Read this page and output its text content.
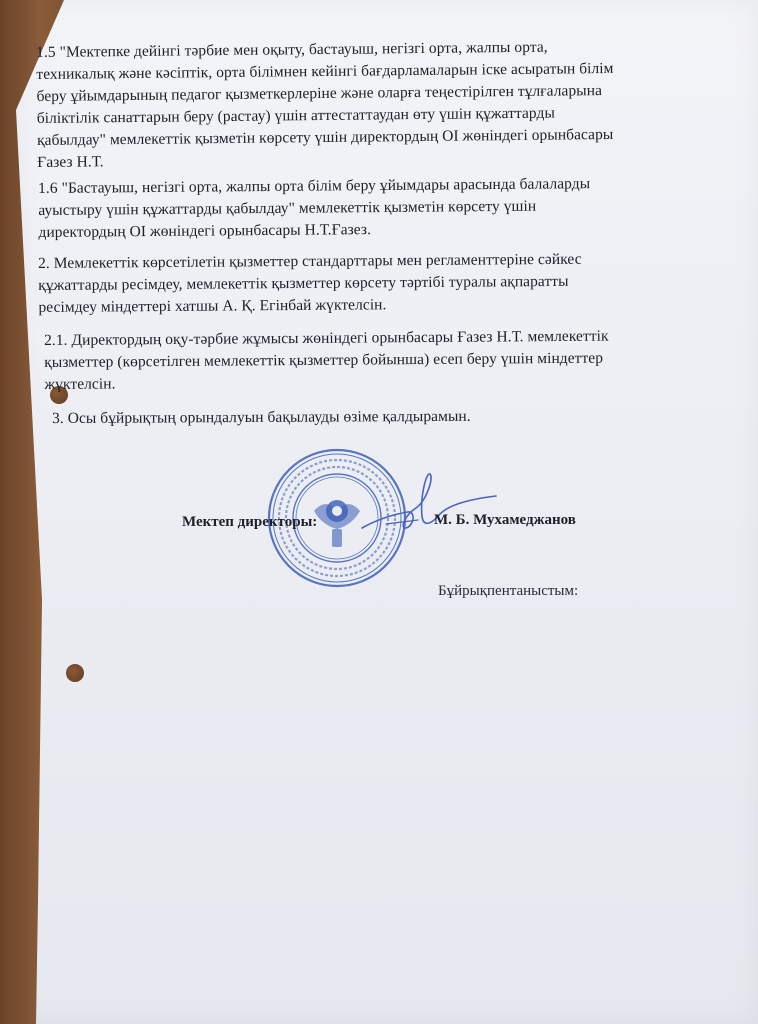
1.5 "Мектепке дейінгі тәрбие мен оқыту, бастауыш, негізгі орта, жалпы орта,
техникалық және кәсіптік, орта білімнен кейінгі бағдарламаларын іске асыратын білім
беру ұйымдарының педагог қызметкерлеріне және оларға теңестірілген тұлғаларына
біліктілік санаттарын беру (растау) үшін аттестаттаудан өту үшін құжаттарды
қабылдау" мемлекеттік қызметін көрсету үшін директордың ОІ жөніндегі орынбасары
Ғазез Н.Т.

1.6 "Бастауыш, негізгі орта, жалпы орта білім беру ұйымдары арасында балаларды
ауыстыру үшін құжаттарды қабылдау" мемлекеттік қызметін көрсету үшін
директордың ОІ жөніндегі орынбасары Н.Т.Ғазез.

2. Мемлекеттік көрсетілетін қызметтер стандарттары мен регламенттеріне сәйкес
құжаттарды ресімдеу, мемлекеттік қызметтер көрсету тәртібі туралы ақпаратты
ресімдеу міндеттері хатшы А. Қ. Егінбай жүктелсін.

2.1. Директордың оқу-тәрбие жұмысы жөніндегі орынбасары Ғазез Н.Т. мемлекеттік
қызметтер (көрсетілген мемлекеттік қызметтер бойынша) есеп беру үшін міндеттер
жүктелсін.

3. Осы бұйрықтың орындалуын бақылауды өзіме қалдырамын.

Мектеп директоры:	М. Б. Мухамеджанов
Бұйрықпентаныстым:
